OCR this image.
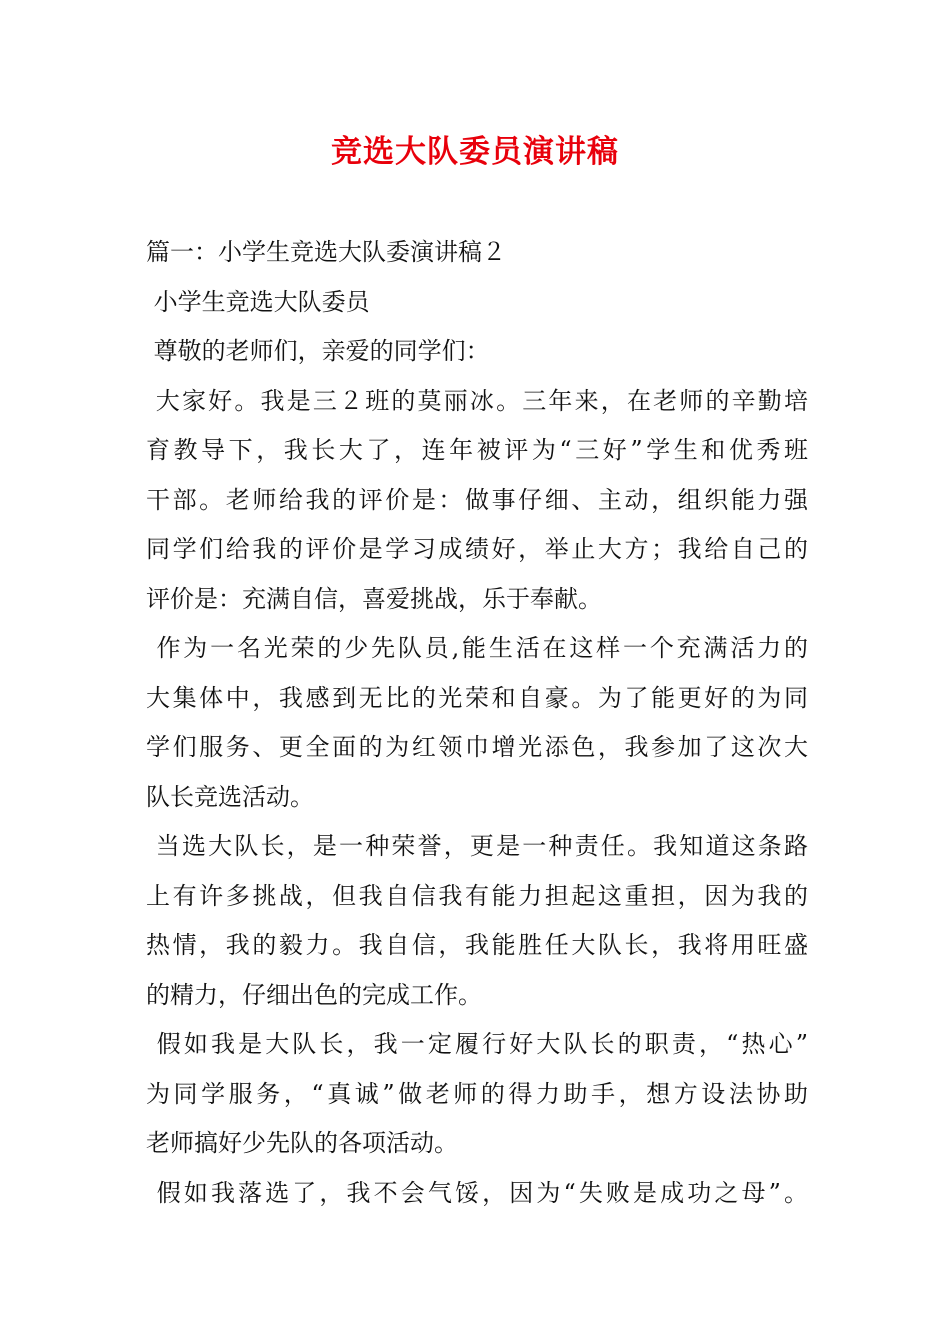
竞选大队委员演讲稿
篇一：小学生竞选大队委演讲稿２
小学生竞选大队委员
尊敬的老师们，亲爱的同学们：
大家好。我是三２班的莫丽冰。三年来，在老师的辛勤培
育教导下，我长大了，连年被评为“三好”学生和优秀班
干部。老师给我的评价是：做事仔细、主动，组织能力强
同学们给我的评价是学习成绩好，举止大方；我给自己的
评价是：充满自信，喜爱挑战，乐于奉献。
作为一名光荣的少先队员,能生活在这样一个充满活力的
大集体中，我感到无比的光荣和自豪。为了能更好的为同
学们服务、更全面的为红领巾增光添色，我参加了这次大
队长竞选活动。
当选大队长，是一种荣誉，更是一种责任。我知道这条路
上有许多挑战，但我自信我有能力担起这重担，因为我的
热情，我的毅力。我自信，我能胜任大队长，我将用旺盛
的精力，仔细出色的完成工作。
假如我是大队长，我一定履行好大队长的职责，“热心”
为同学服务，“真诚”做老师的得力助手，想方设法协助
老师搞好少先队的各项活动。
假如我落选了，我不会气馁，因为“失败是成功之母”。
